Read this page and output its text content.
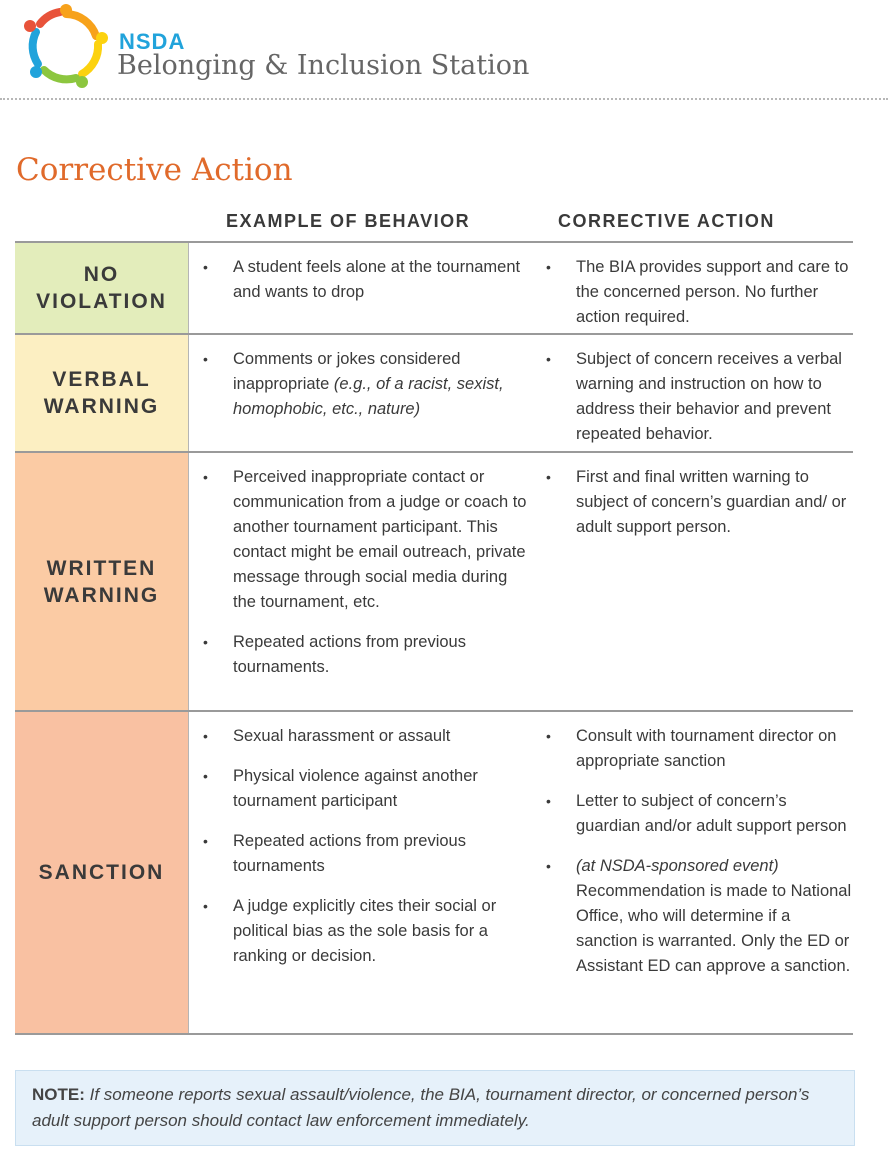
NSDA
Belonging & Inclusion Station
Corrective Action
EXAMPLE OF BEHAVIOR	CORRECTIVE ACTION
NO
VIOLATION
• A student feels alone at the tournament and wants to drop
• The BIA provides support and care to the concerned person. No further action required.
VERBAL
WARNING
• Comments or jokes considered inappropriate (e.g., of a racist, sexist, homophobic, etc., nature)
• Subject of concern receives a verbal warning and instruction on how to address their behavior and prevent repeated behavior.
WRITTEN
WARNING
• Perceived inappropriate contact or communication from a judge or coach to another tournament participant. This contact might be email outreach, private message through social media during the tournament, etc.
• Repeated actions from previous tournaments.
• First and final written warning to subject of concern’s guardian and/ or adult support person.
SANCTION
• Sexual harassment or assault
• Physical violence against another tournament participant
• Repeated actions from previous tournaments
• A judge explicitly cites their social or political bias as the sole basis for a ranking or decision.
• Consult with tournament director on appropriate sanction
• Letter to subject of concern’s guardian and/or adult support person
• (at NSDA-sponsored event)
Recommendation is made to National Office, who will determine if a sanction is warranted. Only the ED or Assistant ED can approve a sanction.
NOTE: If someone reports sexual assault/violence, the BIA, tournament director, or concerned person’s adult support person should contact law enforcement immediately.
